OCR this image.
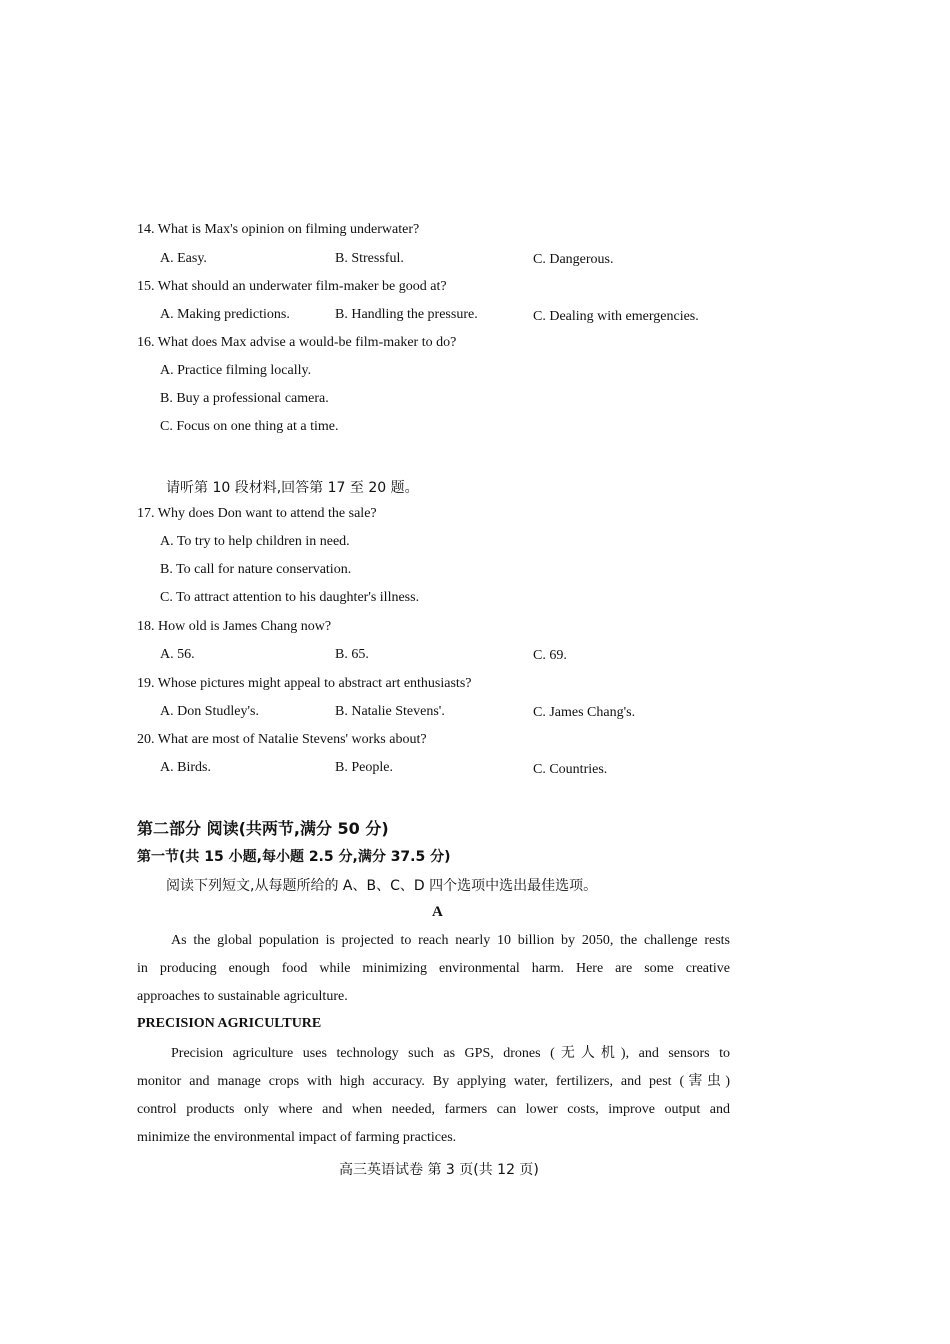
14. What is Max's opinion on filming underwater?
A. Easy.	B. Stressful.	C. Dangerous.
15. What should an underwater film-maker be good at?
A. Making predictions.	B. Handling the pressure.	C. Dealing with emergencies.
16. What does Max advise a would-be film-maker to do?
A. Practice filming locally.
B. Buy a professional camera.
C. Focus on one thing at a time.
请听第 10 段材料,回答第 17 至 20 题。
17. Why does Don want to attend the sale?
A. To try to help children in need.
B. To call for nature conservation.
C. To attract attention to his daughter's illness.
18. How old is James Chang now?
A. 56.	B. 65.	C. 69.
19. Whose pictures might appeal to abstract art enthusiasts?
A. Don Studley's.	B. Natalie Stevens'.	C. James Chang's.
20. What are most of Natalie Stevens' works about?
A. Birds.	B. People.	C. Countries.
第二部分 阅读(共两节,满分 50 分)
第一节(共 15 小题,每小题 2.5 分,满分 37.5 分)
阅读下列短文,从每题所给的 A、B、C、D 四个选项中选出最佳选项。
A
As the global population is projected to reach nearly 10 billion by 2050, the challenge rests
in producing enough food while minimizing environmental harm. Here are some creative
approaches to sustainable agriculture.
PRECISION AGRICULTURE
Precision agriculture uses technology such as GPS, drones (无人机), and sensors to
monitor and manage crops with high accuracy. By applying water, fertilizers, and pest (害虫)
control products only where and when needed, farmers can lower costs, improve output and
minimize the environmental impact of farming practices.
高三英语试卷 第 3 页(共 12 页)
